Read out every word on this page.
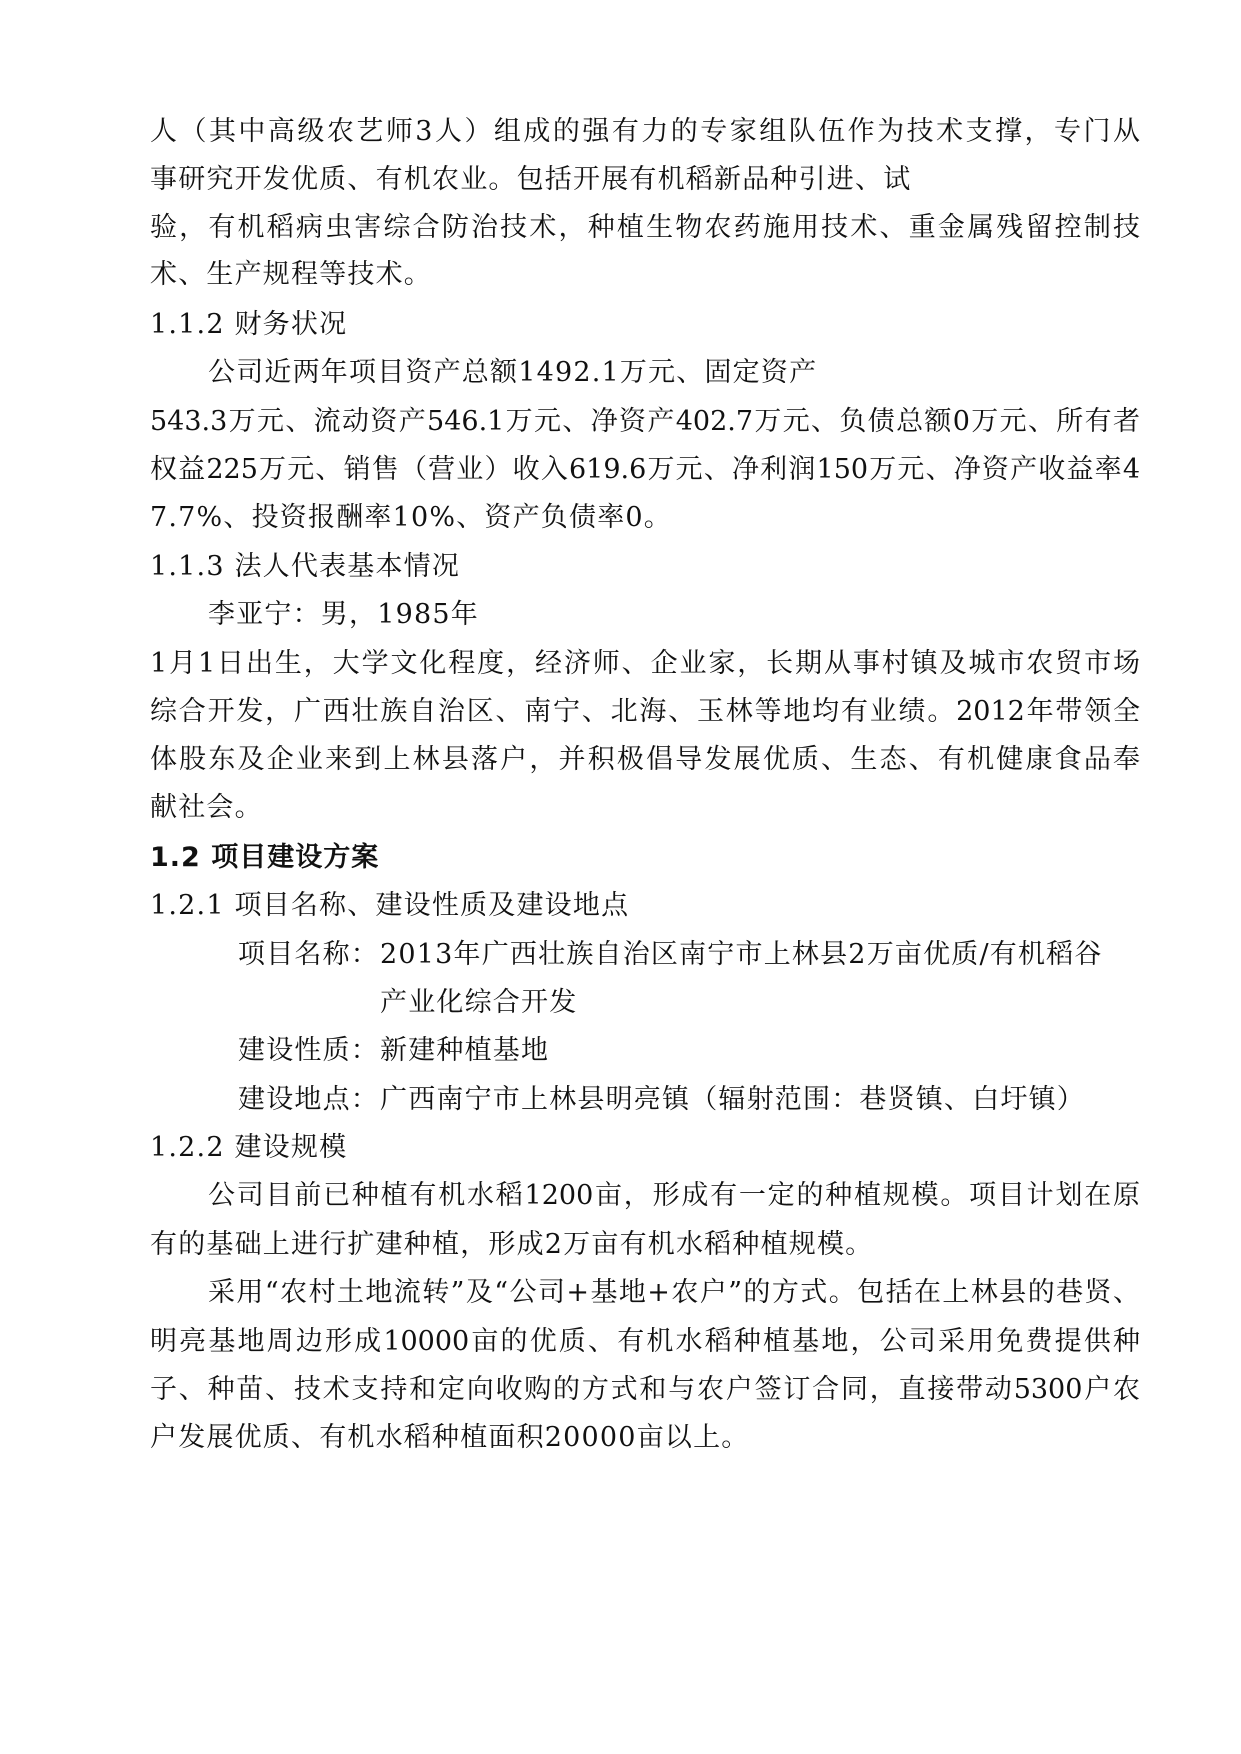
人（其中高级农艺师3人）组成的强有力的专家组队伍作为技术支撑，专门从
事研究开发优质、有机农业。包括开展有机稻新品种引进、试
验，有机稻病虫害综合防治技术，种植生物农药施用技术、重金属残留控制技
术、生产规程等技术。
1.1.2 财务状况
公司近两年项目资产总额1492.1万元、固定资产
543.3万元、流动资产546.1万元、净资产402.7万元、负债总额0万元、所有者
权益225万元、销售（营业）收入619.6万元、净利润150万元、净资产收益率4
7.7%、投资报酬率10%、资产负债率0。
1.1.3 法人代表基本情况
李亚宁：男，1985年
1月1日出生，大学文化程度，经济师、企业家，长期从事村镇及城市农贸市场
综合开发，广西壮族自治区、南宁、北海、玉林等地均有业绩。2012年带领全
体股东及企业来到上林县落户，并积极倡导发展优质、生态、有机健康食品奉
献社会。
1.2 项目建设方案
1.2.1 项目名称、建设性质及建设地点
项目名称： 2013年广西壮族自治区南宁市上林县2万亩优质/有机稻谷
产业化综合开发
建设性质： 新建种植基地
建设地点： 广西南宁市上林县明亮镇（辐射范围：巷贤镇、白圩镇）
1.2.2 建设规模
公司目前已种植有机水稻1200亩，形成有一定的种植规模。项目计划在原
有的基础上进行扩建种植，形成2万亩有机水稻种植规模。
采用“农村土地流转”及“公司+基地+农户”的方式。包括在上林县的巷贤、
明亮基地周边形成10000亩的优质、有机水稻种植基地，公司采用免费提供种
子、种苗、技术支持和定向收购的方式和与农户签订合同，直接带动5300户农
户发展优质、有机水稻种植面积20000亩以上。
